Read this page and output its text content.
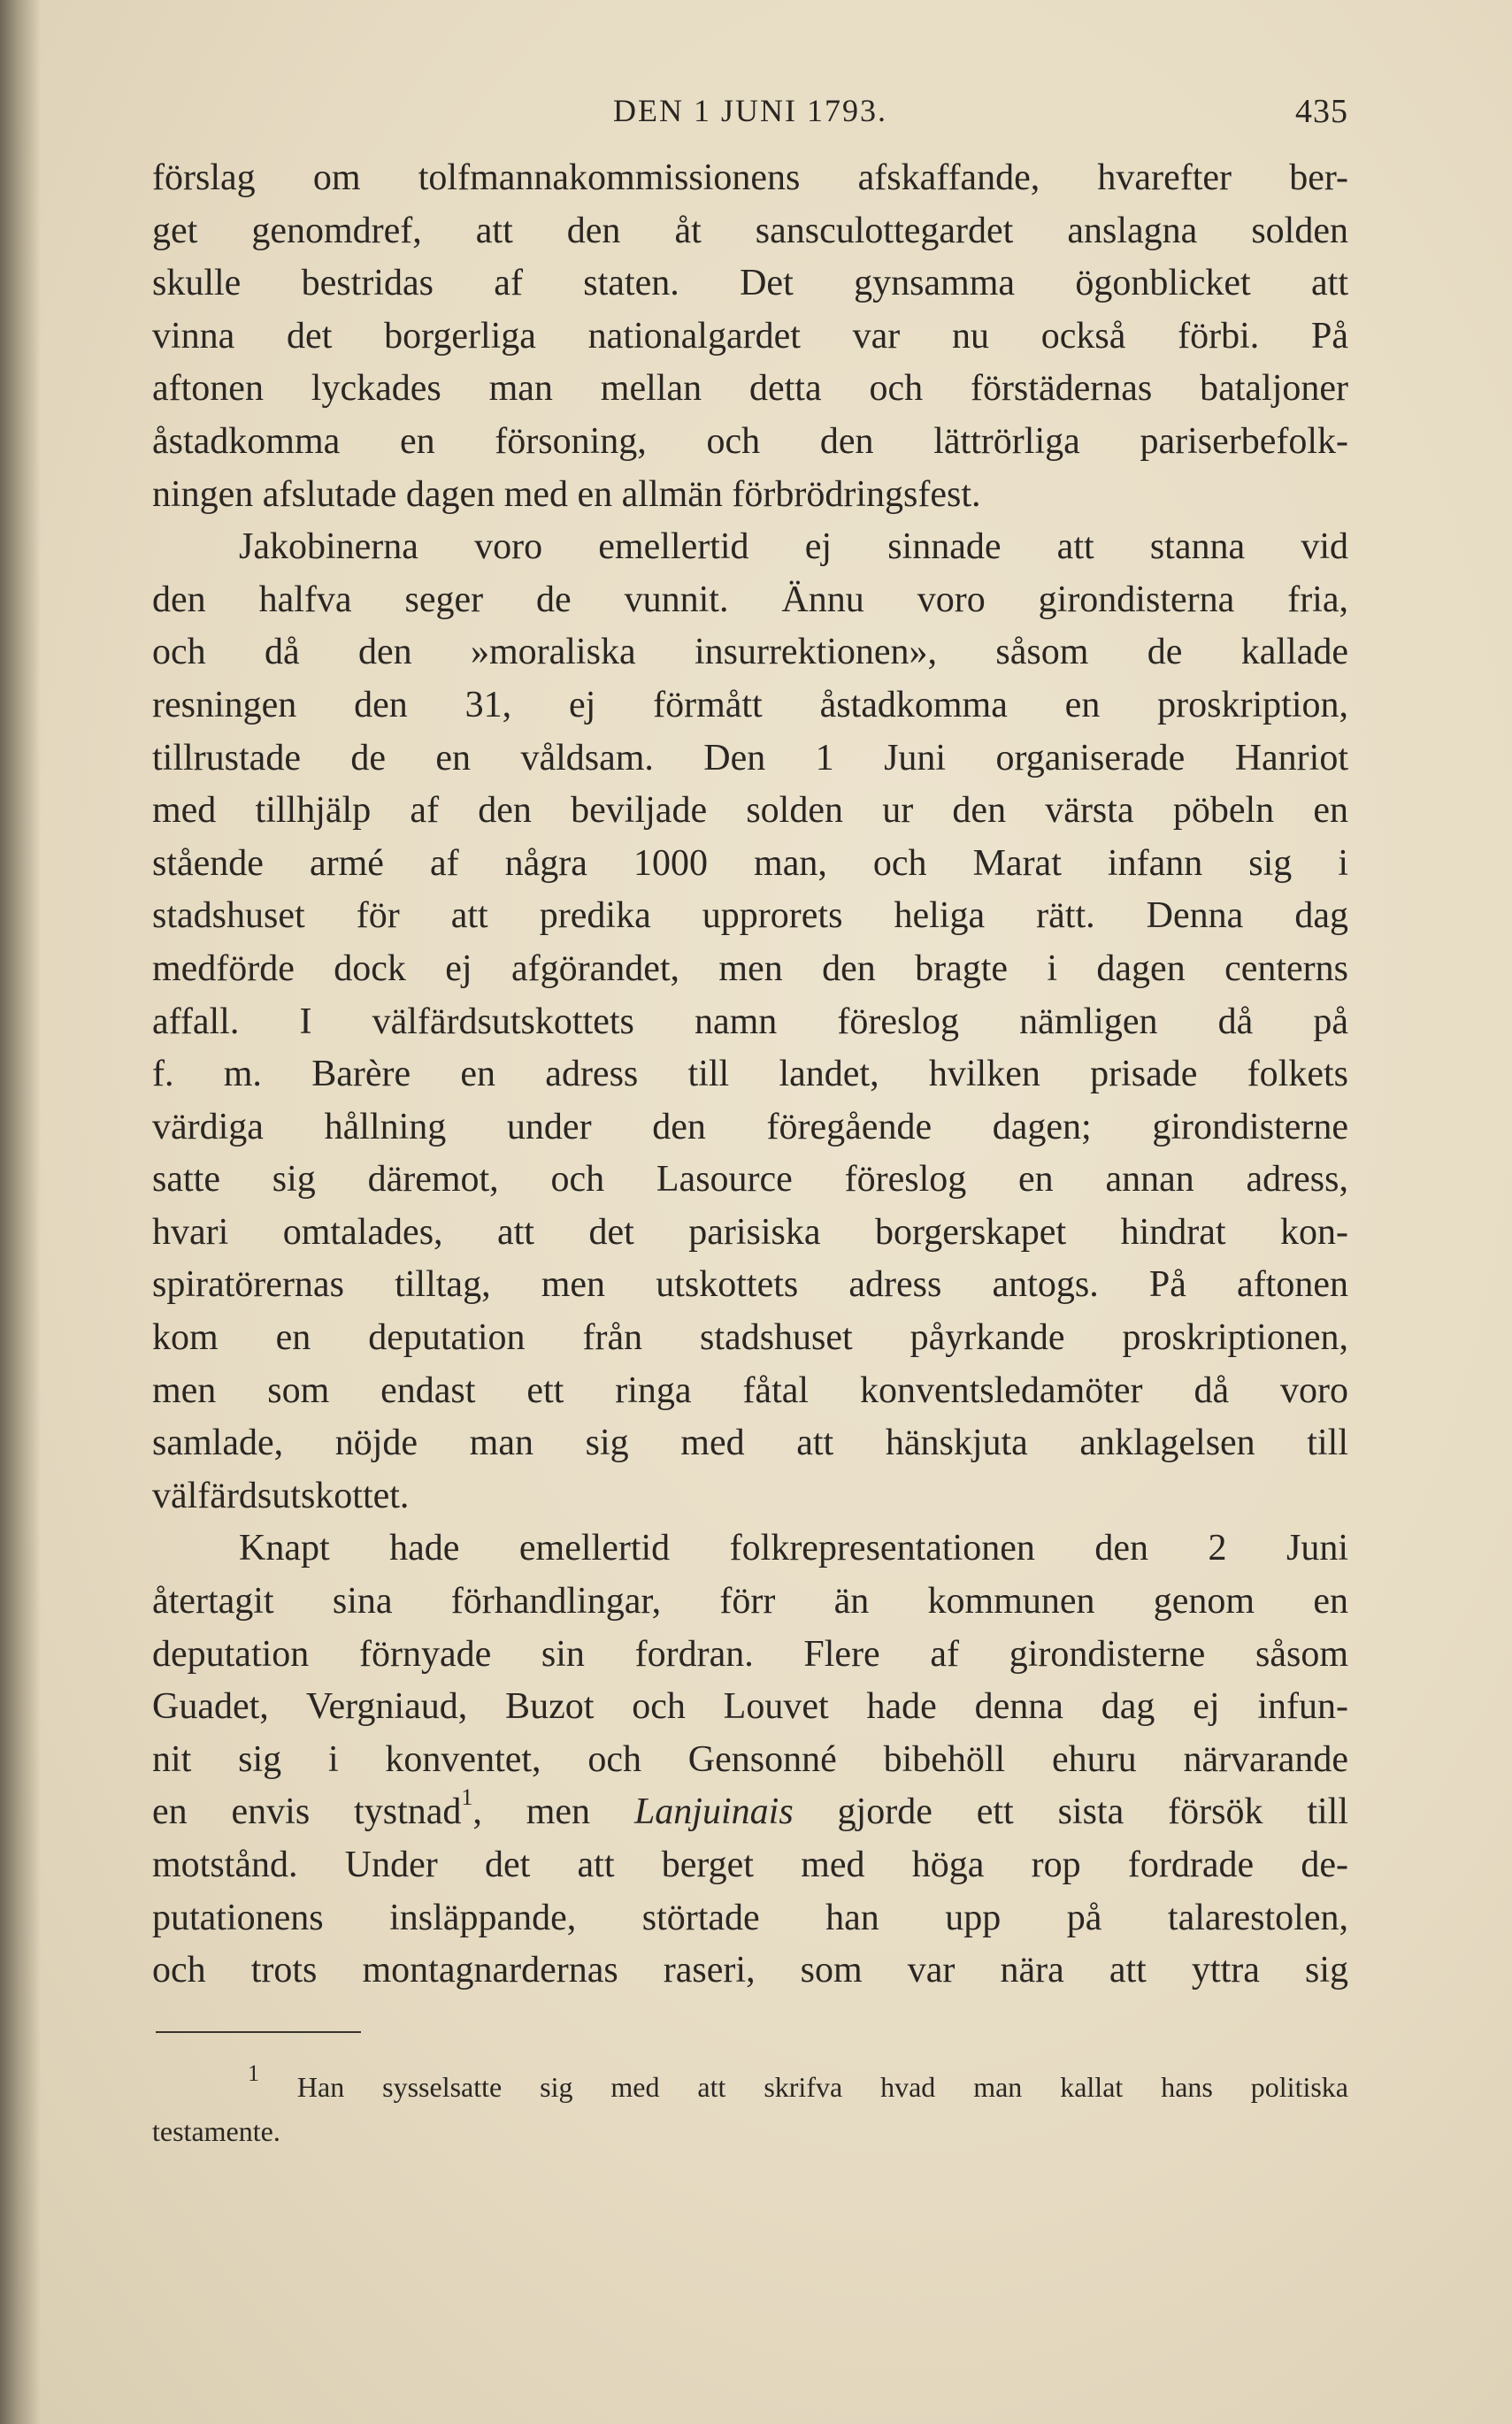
DEN 1 JUNI 1793.	435
förslag om tolfmannakommissionens afskaffande, hvarefter ber-
get genomdref, att den åt sansculottegardet anslagna solden
skulle bestridas af staten. Det gynsamma ögonblicket att
vinna det borgerliga nationalgardet var nu också förbi. På
aftonen lyckades man mellan detta och förstädernas bataljoner
åstadkomma en försoning, och den lättrörliga pariserbefolk-
ningen afslutade dagen med en allmän förbrödringsfest.
Jakobinerna voro emellertid ej sinnade att stanna vid
den halfva seger de vunnit. Ännu voro girondisterna fria,
och då den »moraliska insurrektionen», såsom de kallade
resningen den 31, ej förmått åstadkomma en proskription,
tillrustade de en våldsam. Den 1 Juni organiserade Hanriot
med tillhjälp af den beviljade solden ur den värsta pöbeln en
stående armé af några 1000 man, och Marat infann sig i
stadshuset för att predika upprorets heliga rätt. Denna dag
medförde dock ej afgörandet, men den bragte i dagen centerns
affall. I välfärdsutskottets namn föreslog nämligen då på
f. m. Barère en adress till landet, hvilken prisade folkets
värdiga hållning under den föregående dagen; girondisterne
satte sig däremot, och Lasource föreslog en annan adress,
hvari omtalades, att det parisiska borgerskapet hindrat kon-
spiratörernas tilltag, men utskottets adress antogs. På aftonen
kom en deputation från stadshuset påyrkande proskriptionen,
men som endast ett ringa fåtal konventsledamöter då voro
samlade, nöjde man sig med att hänskjuta anklagelsen till
välfärdsutskottet.
Knapt hade emellertid folkrepresentationen den 2 Juni
återtagit sina förhandlingar, förr än kommunen genom en
deputation förnyade sin fordran. Flere af girondisterne såsom
Guadet, Vergniaud, Buzot och Louvet hade denna dag ej infun-
nit sig i konventet, och Gensonné bibehöll ehuru närvarande
en envis tystnad$^1$, men Lanjuinais gjorde ett sista försök till
motstånd. Under det att berget med höga rop fordrade de-
putationens insläppande, störtade han upp på talarestolen,
och trots montagnardernas raseri, som var nära att yttra sig
$^1$ Han sysselsatte sig med att skrifva hvad man kallat hans politiska
testamente.
